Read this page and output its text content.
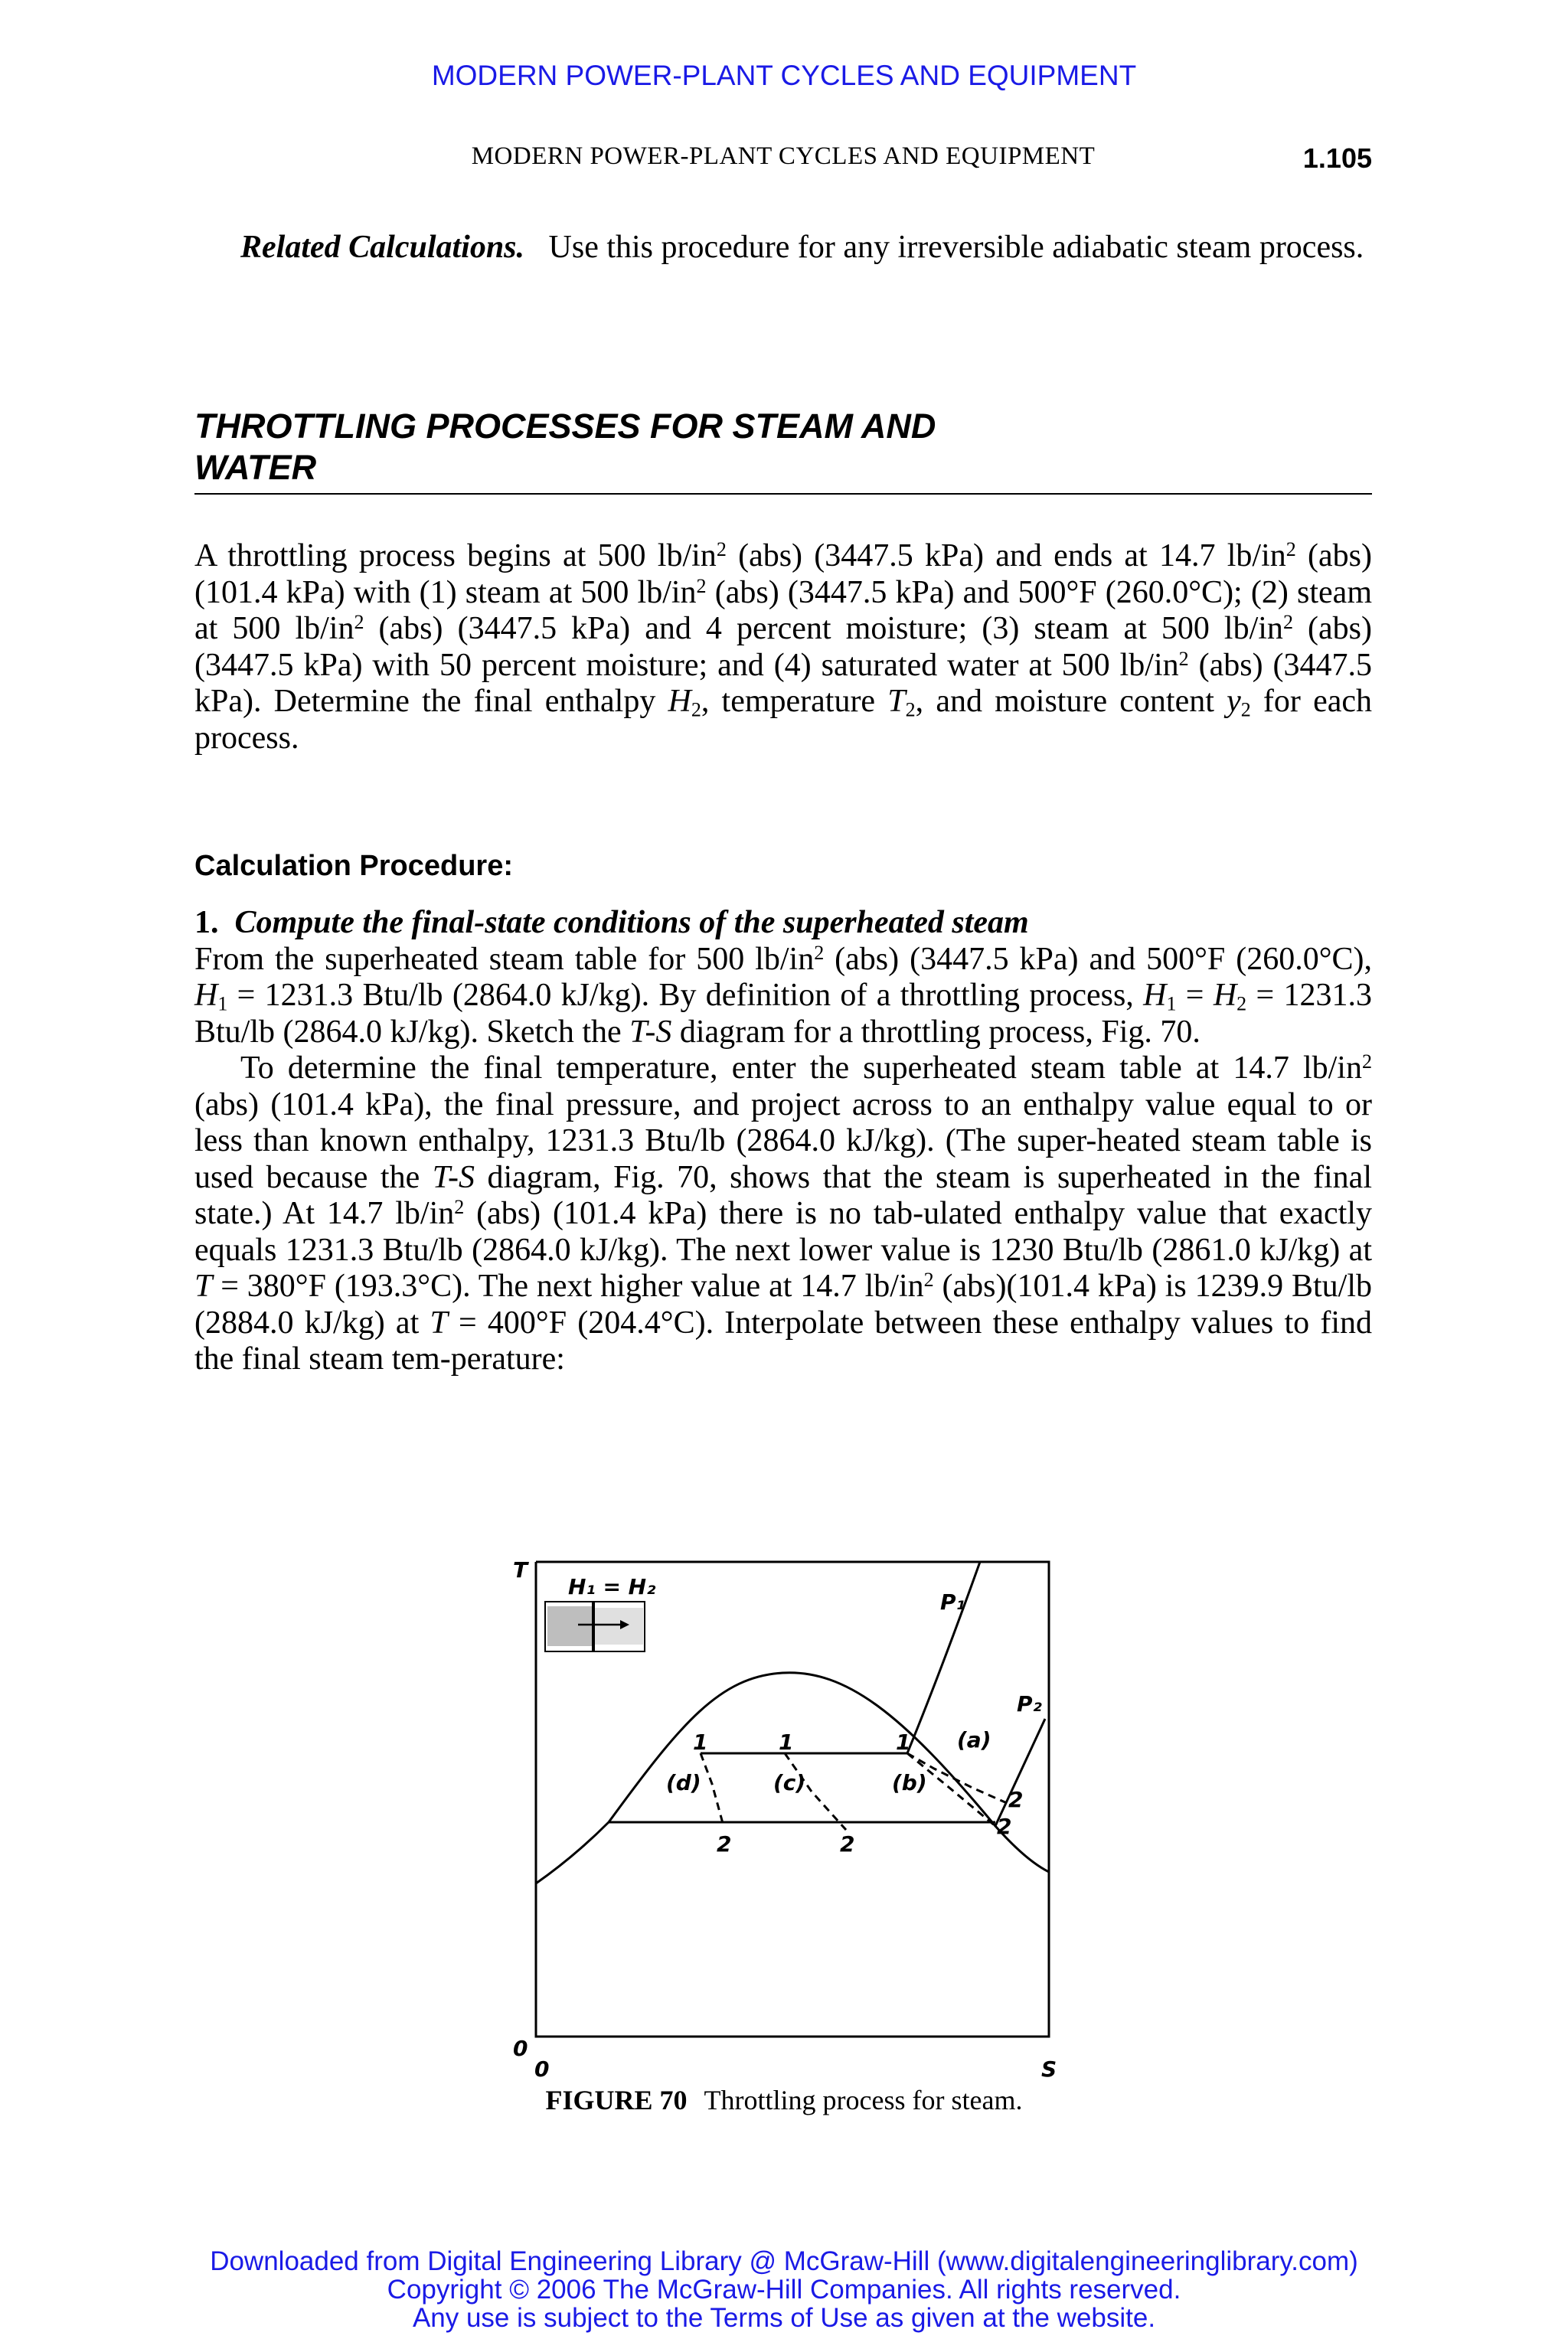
MODERN POWER-PLANT CYCLES AND EQUIPMENT
MODERN POWER-PLANT CYCLES AND EQUIPMENT	1.105
Related Calculations. Use this procedure for any irreversible adiabatic steam process.
THROTTLING PROCESSES FOR STEAM AND
WATER
A throttling process begins at 500 $lb/in^2$ (abs) (3447.5 kPa) and ends at 14.7 $lb/in^2$ (abs) (101.4 kPa) with (1) steam at 500 $lb/in^2$ (abs) (3447.5 kPa) and 500°F (260.0°C); (2) steam at 500 $lb/in^2$ (abs) (3447.5 kPa) and 4 percent moisture; (3) steam at 500 $lb/in^2$ (abs) (3447.5 kPa) with 50 percent moisture; and (4) saturated water at 500 $lb/in^2$ (abs) (3447.5 kPa). Determine the final enthalpy $H_2$, temperature $T_2$, and moisture content $y_2$ for each process.
Calculation Procedure:
1. Compute the final-state conditions of the superheated steam
From the superheated steam table for 500 $lb/in^2$ (abs) (3447.5 kPa) and 500°F (260.0°C), $H_1 = 1231.3$ Btu/lb (2864.0 kJ/kg). By definition of a throttling process, $H_1 = H_2 = 1231.3$ Btu/lb (2864.0 kJ/kg). Sketch the T-S diagram for a throttling process, Fig. 70.
To determine the final temperature, enter the superheated steam table at 14.7 $lb/in^2$ (abs) (101.4 kPa), the final pressure, and project across to an enthalpy value equal to or less than known enthalpy, 1231.3 Btu/lb (2864.0 kJ/kg). (The super-heated steam table is used because the T-S diagram, Fig. 70, shows that the steam is superheated in the final state.) At 14.7 $lb/in^2$ (abs) (101.4 kPa) there is no tab-ulated enthalpy value that exactly equals 1231.3 Btu/lb (2864.0 kJ/kg). The next lower value is 1230 Btu/lb (2861.0 kJ/kg) at T = 380°F (193.3°C). The next higher value at 14.7 $lb/in^2$ (abs)(101.4 kPa) is 1239.9 Btu/lb (2884.0 kJ/kg) at T = 400°F (204.4°C). Interpolate between these enthalpy values to find the final steam tem-perature:
T
0
0	S
H₁ = H₂
P₁
P₂
(a)
(b)
(c)
(d)
1	1	1
2	2
2
2
FIGURE 70 Throttling process for steam.
Downloaded from Digital Engineering Library @ McGraw-Hill (www.digitalengineeringlibrary.com)
Copyright © 2006 The McGraw-Hill Companies. All rights reserved.
Any use is subject to the Terms of Use as given at the website.
